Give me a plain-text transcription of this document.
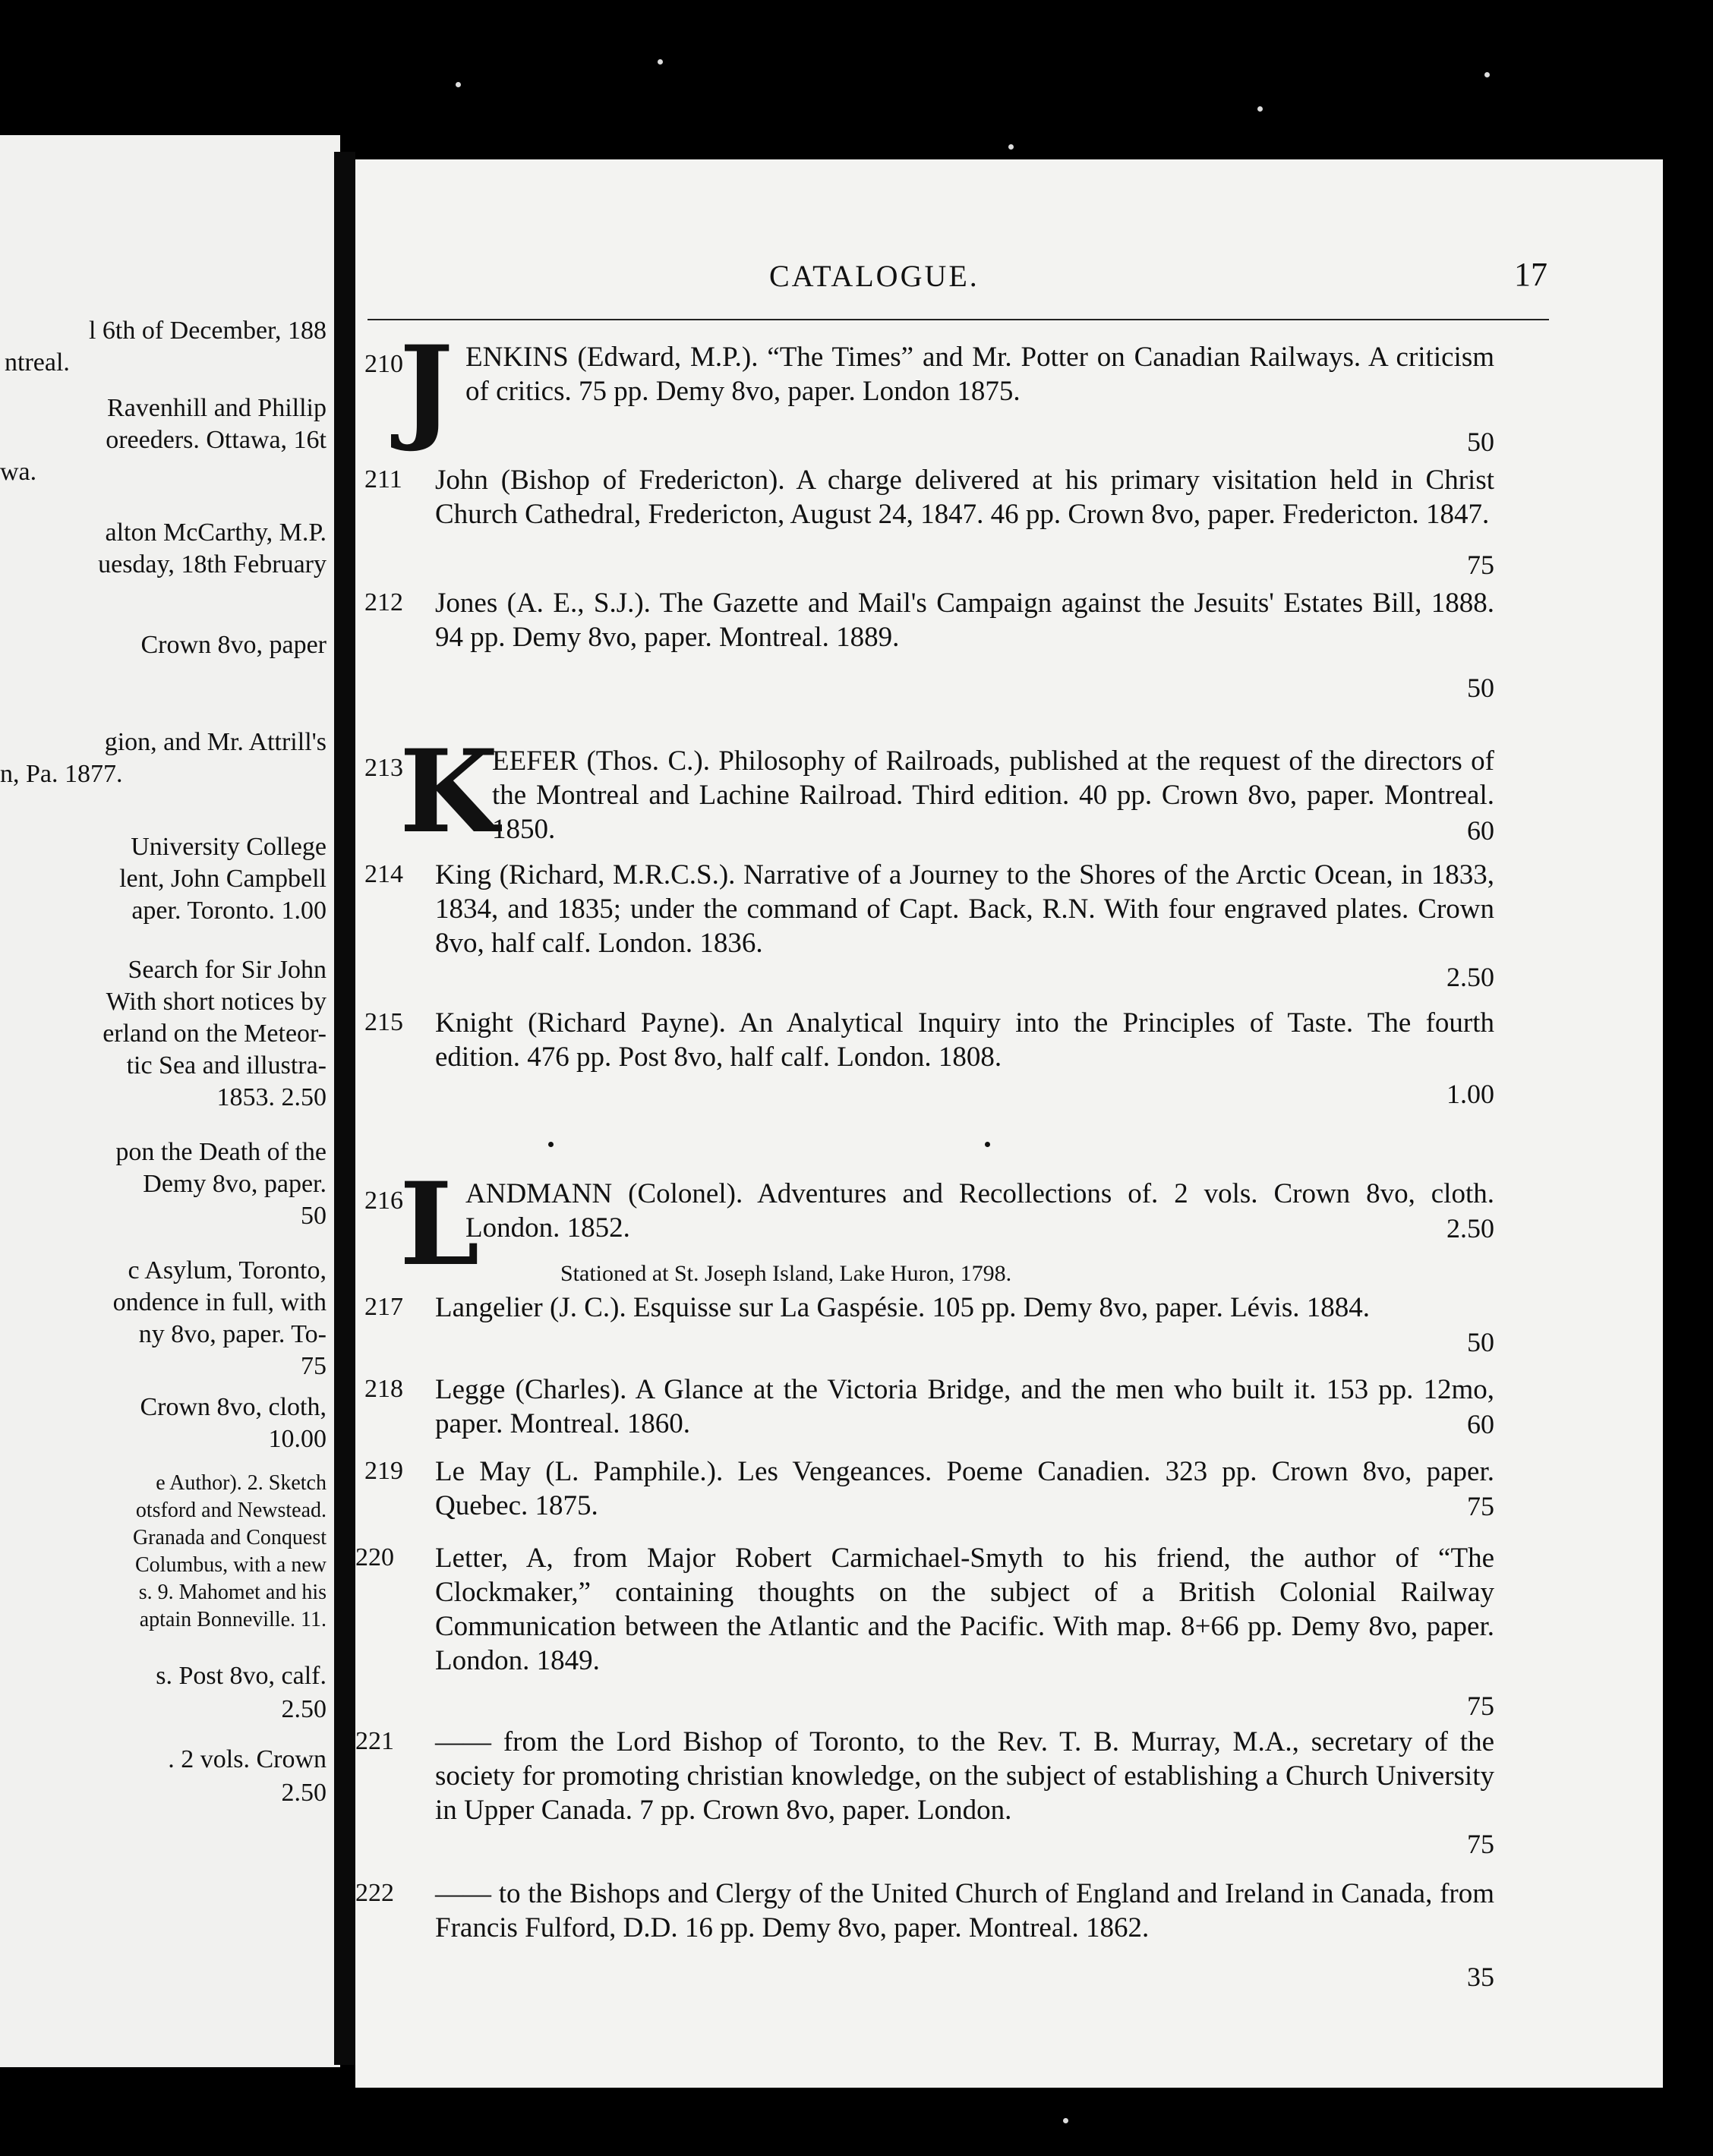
l 6th of December, 188
ntreal.
Ravenhill and Phillip
oreeders. Ottawa, 16t
wa.
alton McCarthy, M.P.
uesday, 18th February
Crown 8vo, paper
gion, and Mr. Attrill's
n, Pa. 1877.
University College
lent, John Campbell
aper. Toronto. 1.00
Search for Sir John
With short notices by
erland on the Meteor-
tic Sea and illustra-
1853. 2.50
pon the Death of the
Demy 8vo, paper.
50
c Asylum, Toronto,
ondence in full, with
ny 8vo, paper. To-
75
Crown 8vo, cloth,
10.00
e Author). 2. Sketch
otsford and Newstead.
Granada and Conquest
Columbus, with a new
s. 9. Mahomet and his
aptain Bonneville. 11.
s. Post 8vo, calf.
2.50
. 2 vols. Crown
2.50
CATALOGUE.	17
210
J ENKINS (Edward, M.P.). “The Times” and Mr. Potter on Canadian Railways. A criticism of critics. 75 pp. Demy 8vo, paper. London 1875.
50
211 John (Bishop of Fredericton). A charge delivered at his primary visitation held in Christ Church Cathedral, Fredericton, August 24, 1847. 46 pp. Crown 8vo, paper. Fredericton. 1847.
75
212 Jones (A. E., S.J.). The Gazette and Mail's Campaign against the Jesuits' Estates Bill, 1888. 94 pp. Demy 8vo, paper. Montreal. 1889.
50
213
K
EEFER (Thos. C.). Philosophy of Railroads, published at the request of the directors of the Montreal and Lachine Railroad. Third edition. 40 pp. Crown 8vo, paper. Montreal. 1850.	60
214 King (Richard, M.R.C.S.). Narrative of a Journey to the Shores of the Arctic Ocean, in 1833, 1834, and 1835; under the command of Capt. Back, R.N. With four engraved plates. Crown 8vo, half calf. London. 1836.
2.50
215 Knight (Richard Payne). An Analytical Inquiry into the Principles of Taste. The fourth edition. 476 pp. Post 8vo, half calf. London. 1808.
1.00
216
L
ANDMANN (Colonel). Adventures and Recollections of. 2 vols. Crown 8vo, cloth. London. 1852.	2.50
Stationed at St. Joseph Island, Lake Huron, 1798.
217 Langelier (J. C.). Esquisse sur La Gaspésie. 105 pp. Demy 8vo, paper. Lévis. 1884.
50
218 Legge (Charles). A Glance at the Victoria Bridge, and the men who built it. 153 pp. 12mo, paper. Montreal. 1860.	60
219 Le May (L. Pamphile.). Les Vengeances. Poeme Canadien. 323 pp. Crown 8vo, paper. Quebec. 1875.	75
220 Letter, A, from Major Robert Carmichael-Smyth to his friend, the author of “The Clockmaker,” containing thoughts on the subject of a British Colonial Railway Communication between the Atlantic and the Pacific. With map. 8+66 pp. Demy 8vo, paper. London. 1849.
75
221 —— from the Lord Bishop of Toronto, to the Rev. T. B. Murray, M.A., secretary of the society for promoting christian knowledge, on the subject of establishing a Church University in Upper Canada. 7 pp. Crown 8vo, paper. London.
75
222 —— to the Bishops and Clergy of the United Church of England and Ireland in Canada, from Francis Fulford, D.D. 16 pp. Demy 8vo, paper. Montreal. 1862.
35
